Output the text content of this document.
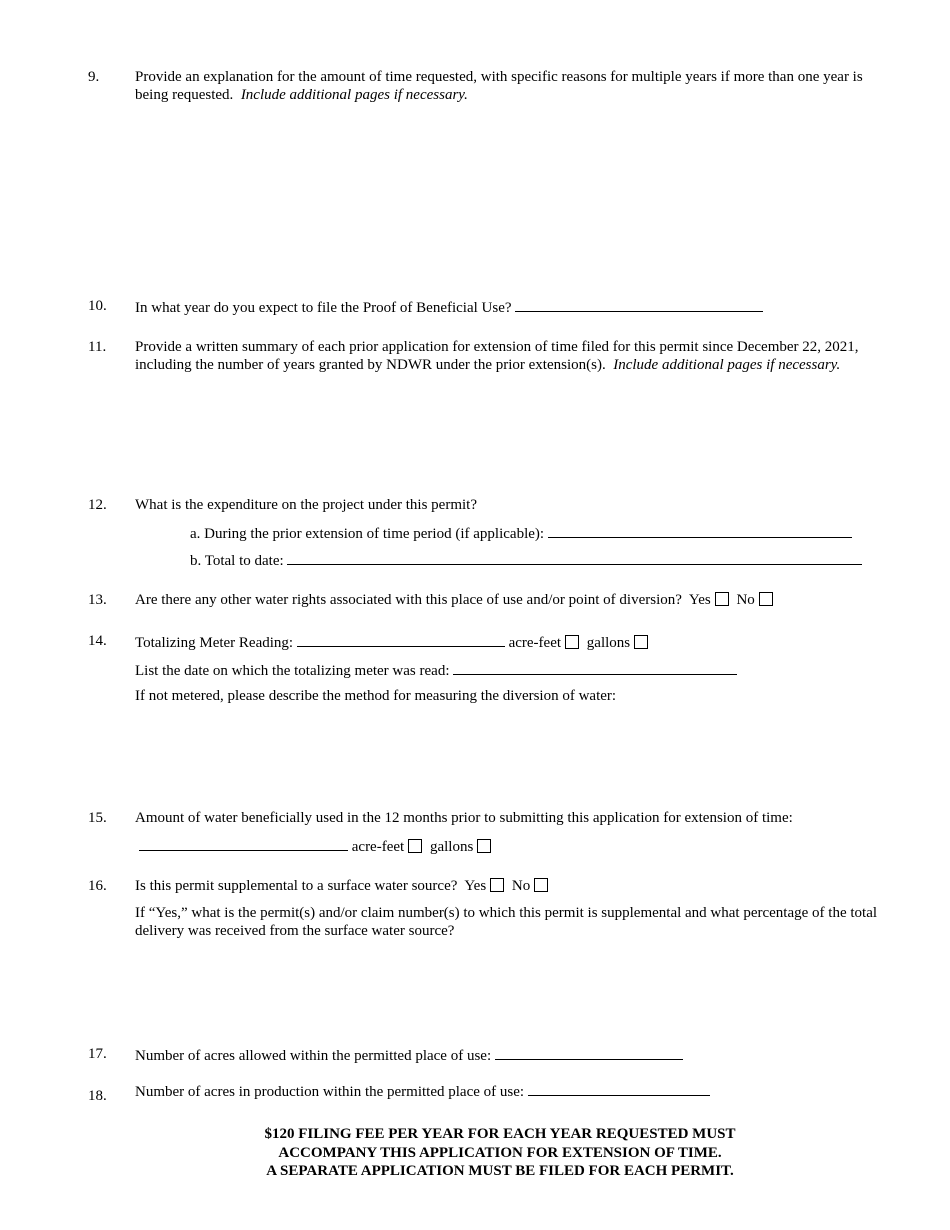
9. Provide an explanation for the amount of time requested, with specific reasons for multiple years if more than one year is being requested. Include additional pages if necessary.
10. In what year do you expect to file the Proof of Beneficial Use?
11. Provide a written summary of each prior application for extension of time filed for this permit since December 22, 2021, including the number of years granted by NDWR under the prior extension(s). Include additional pages if necessary.
12. What is the expenditure on the project under this permit?
a. During the prior extension of time period (if applicable):
b. Total to date:
13. Are there any other water rights associated with this place of use and/or point of diversion? Yes No
14. Totalizing Meter Reading:	acre-feet gallons
List the date on which the totalizing meter was read:
If not metered, please describe the method for measuring the diversion of water:
15. Amount of water beneficially used in the 12 months prior to submitting this application for extension of time:
acre-feet gallons
16. Is this permit supplemental to a surface water source? Yes No
If “Yes,” what is the permit(s) and/or claim number(s) to which this permit is supplemental and what percentage of the total delivery was received from the surface water source?
17. Number of acres allowed within the permitted place of use:
18. Number of acres in production within the permitted place of use:
$120 FILING FEE PER YEAR FOR EACH YEAR REQUESTED MUST
ACCOMPANY THIS APPLICATION FOR EXTENSION OF TIME.
A SEPARATE APPLICATION MUST BE FILED FOR EACH PERMIT.
